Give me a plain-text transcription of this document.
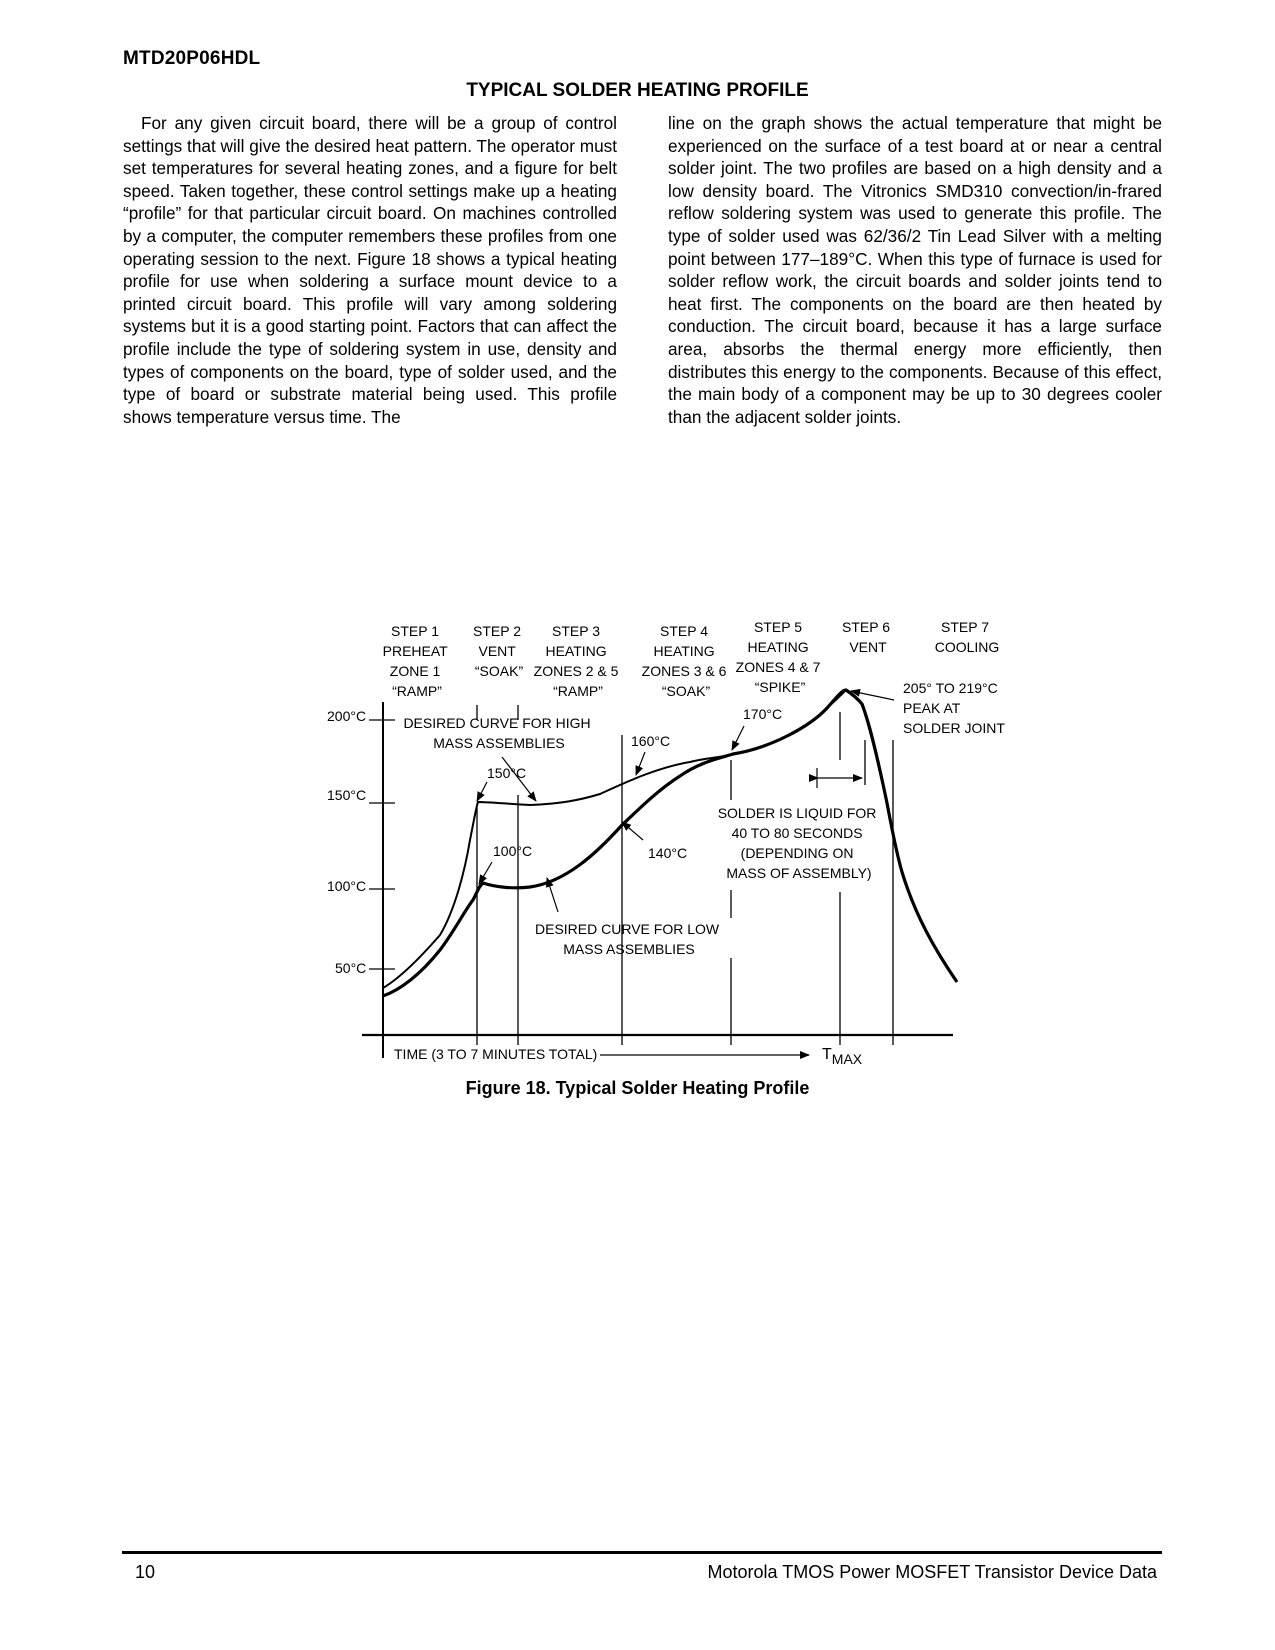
MTD20P06HDL
TYPICAL SOLDER HEATING PROFILE

For any given circuit board, there will be a group of control settings that will give the desired heat pattern. The operator must set temperatures for several heating zones, and a figure for belt speed. Taken together, these control settings make up a heating “profile” for that particular circuit board. On machines controlled by a computer, the computer remembers these profiles from one operating session to the next. Figure 18 shows a typical heating profile for use when soldering a surface mount device to a printed circuit board. This profile will vary among soldering systems but it is a good starting point. Factors that can affect the profile include the type of soldering system in use, density and types of components on the board, type of solder used, and the type of board or substrate material being used. This profile shows temperature versus time. The

line on the graph shows the actual temperature that might be experienced on the surface of a test board at or near a central solder joint. The two profiles are based on a high density and a low density board. The Vitronics SMD310 convection/in-frared reflow soldering system was used to generate this profile. The type of solder used was 62/36/2 Tin Lead Silver with a melting point between 177–189°C. When this type of furnace is used for solder reflow work, the circuit boards and solder joints tend to heat first. The components on the board are then heated by conduction. The circuit board, because it has a large surface area, absorbs the thermal energy more efficiently, then distributes this energy to the components. Because of this effect, the main body of a component may be up to 30 degrees cooler than the adjacent solder joints.

STEP 1 PREHEAT ZONE 1 “RAMP”
STEP 2 VENT “SOAK”
STEP 3 HEATING ZONES 2 & 5 “RAMP”
STEP 4 HEATING ZONES 3 & 6 “SOAK”
STEP 5 HEATING ZONES 4 & 7 “SPIKE”
STEP 6 VENT
STEP 7 COOLING
200°C
150°C
100°C
50°C
DESIRED CURVE FOR HIGH MASS ASSEMBLIES
DESIRED CURVE FOR LOW MASS ASSEMBLIES
150°C
100°C
160°C
140°C
170°C
205° TO 219°C PEAK AT SOLDER JOINT
SOLDER IS LIQUID FOR 40 TO 80 SECONDS (DEPENDING ON MASS OF ASSEMBLY)
TIME (3 TO 7 MINUTES TOTAL)	TMAX
Figure 18. Typical Solder Heating Profile
10	Motorola TMOS Power MOSFET Transistor Device Data
